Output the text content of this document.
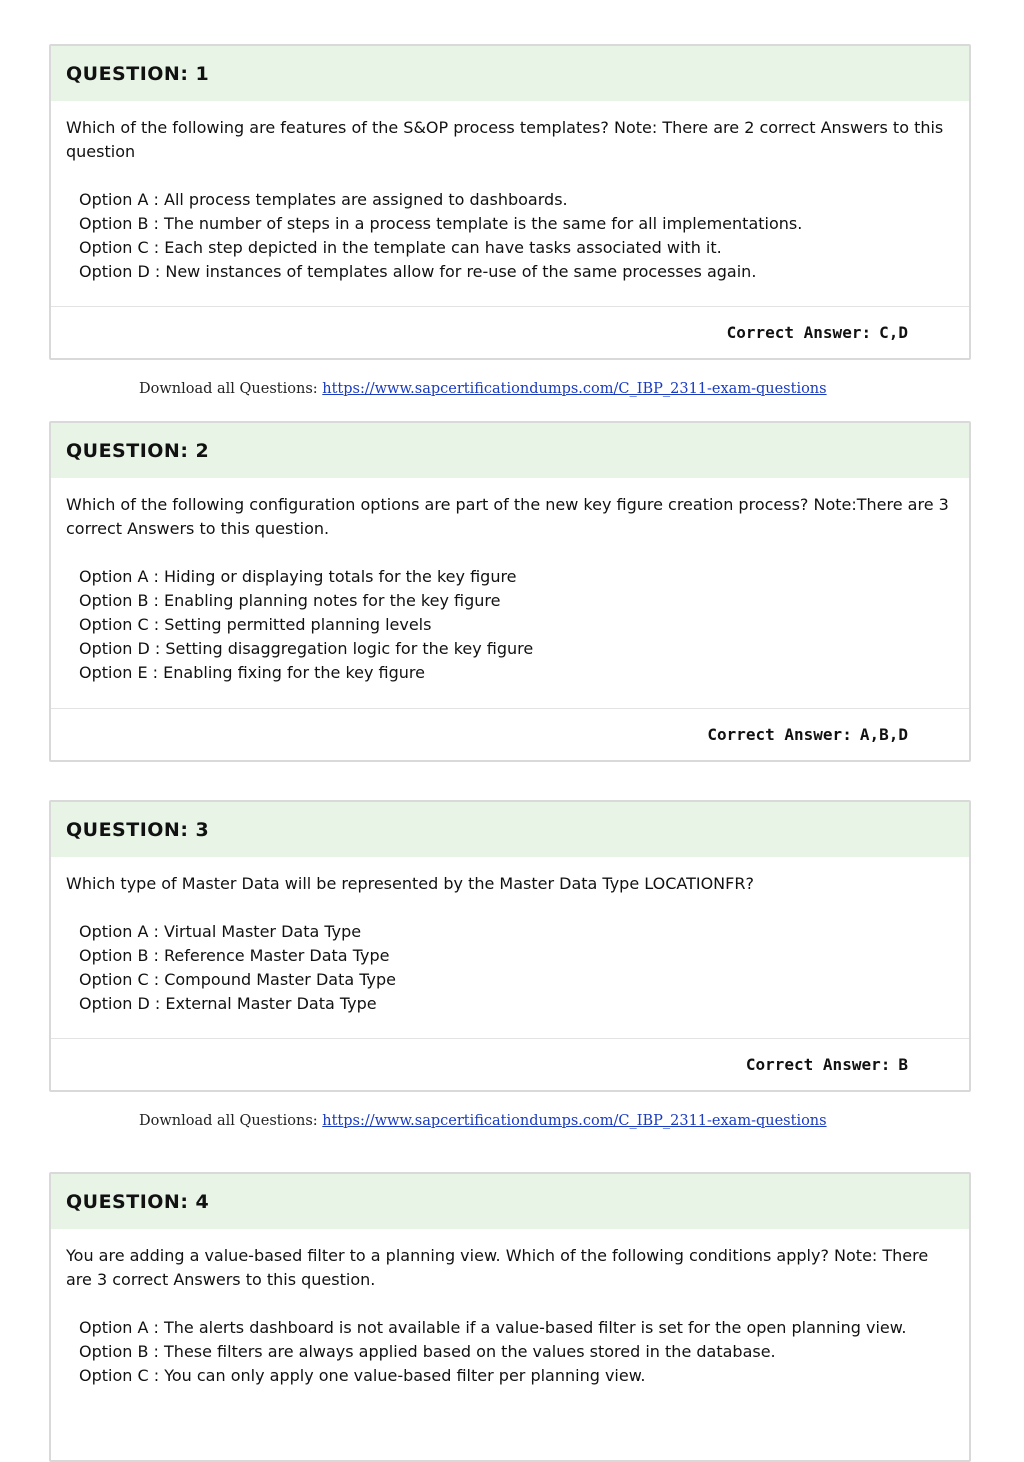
QUESTION: 1

Which of the following are features of the S&OP process templates? Note: There are 2 correct Answers to this question

Option A : All process templates are assigned to dashboards.
Option B : The number of steps in a process template is the same for all implementations.
Option C : Each step depicted in the template can have tasks associated with it.
Option D : New instances of templates allow for re-use of the same processes again.
Correct Answer: C,D
Download all Questions: https://www.sapcertificationdumps.com/C_IBP_2311-exam-questions
QUESTION: 2

Which of the following configuration options are part of the new key figure creation process? Note:There are 3 correct Answers to this question.

Option A : Hiding or displaying totals for the key figure
Option B : Enabling planning notes for the key figure
Option C : Setting permitted planning levels
Option D : Setting disaggregation logic for the key figure
Option E : Enabling fixing for the key figure
Correct Answer: A,B,D
QUESTION: 3

Which type of Master Data will be represented by the Master Data Type LOCATIONFR?

Option A : Virtual Master Data Type
Option B : Reference Master Data Type
Option C : Compound Master Data Type
Option D : External Master Data Type
Correct Answer: B
Download all Questions: https://www.sapcertificationdumps.com/C_IBP_2311-exam-questions
QUESTION: 4

You are adding a value-based filter to a planning view. Which of the following conditions apply? Note: There are 3 correct Answers to this question.

Option A : The alerts dashboard is not available if a value-based filter is set for the open planning view.
Option B : These filters are always applied based on the values stored in the database.
Option C : You can only apply one value-based filter per planning view.
